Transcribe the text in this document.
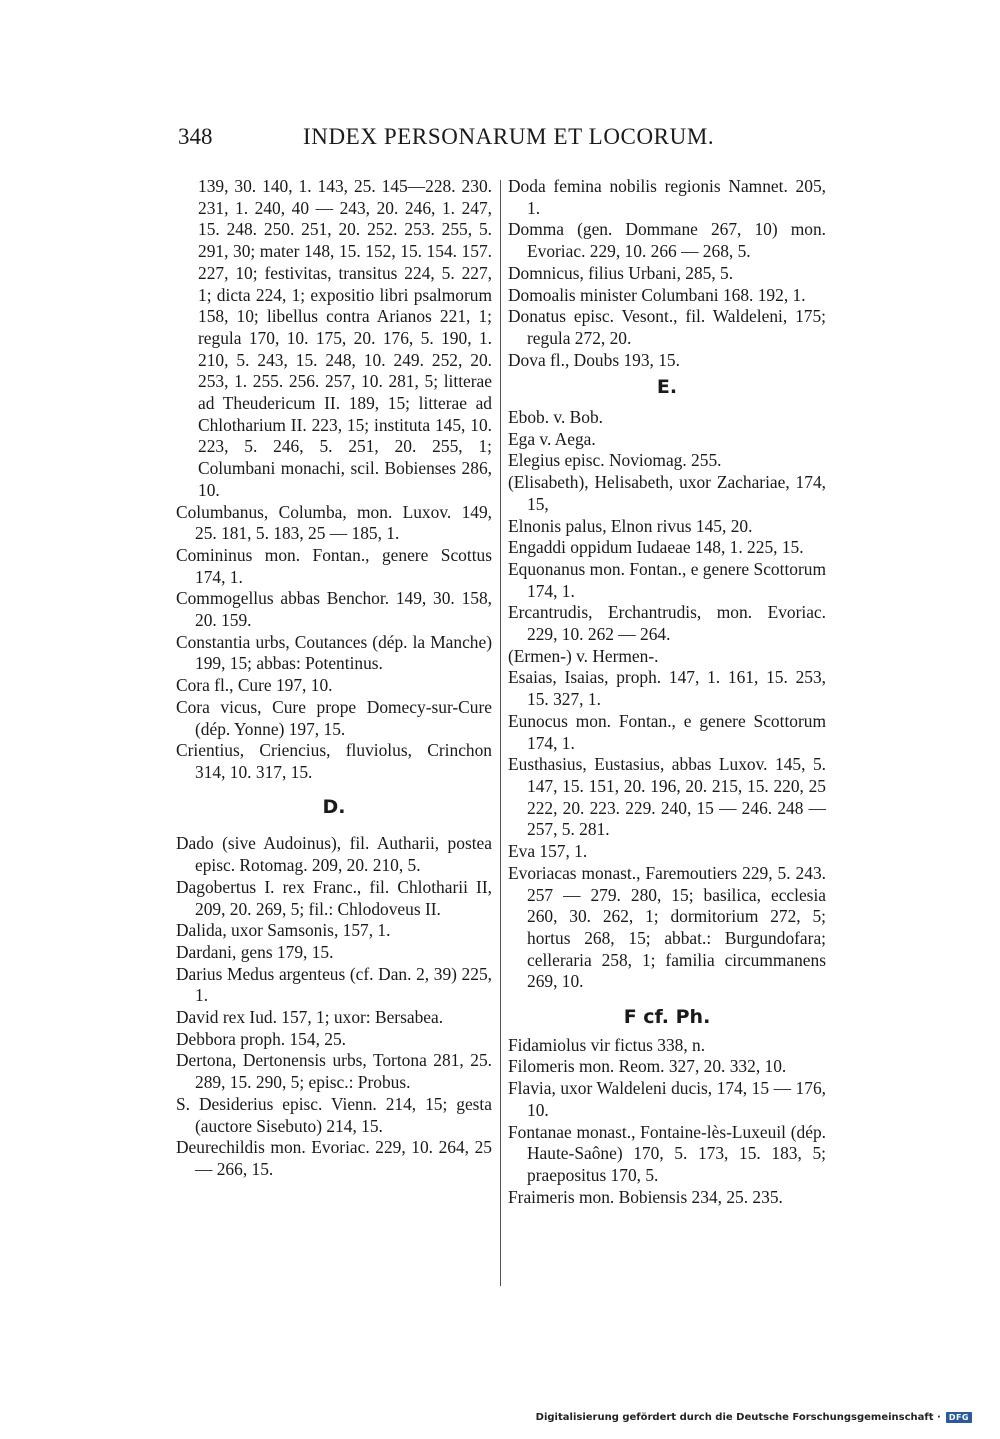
348	INDEX PERSONARUM ET LOCORUM.

139, 30. 140, 1. 143, 25. 145—228. 230. 231, 1. 240, 40 — 243, 20. 246, 1. 247, 15. 248. 250. 251, 20. 252. 253. 255, 5. 291, 30; mater 148, 15. 152, 15. 154. 157. 227, 10; festivitas, transitus 224, 5. 227, 1; dicta 224, 1; expositio libri psalmorum 158, 10; libellus contra Arianos 221, 1; regula 170, 10. 175, 20. 176, 5. 190, 1. 210, 5. 243, 15. 248, 10. 249. 252, 20. 253, 1. 255. 256. 257, 10. 281, 5; litterae ad Theudericum II. 189, 15; litterae ad Chlotharium II. 223, 15; instituta 145, 10. 223, 5. 246, 5. 251, 20. 255, 1; Columbani monachi, scil. Bobienses 286, 10.

Columbanus, Columba, mon. Luxov. 149, 25. 181, 5. 183, 25 — 185, 1.

Comininus mon. Fontan., genere Scottus 174, 1.

Commogellus abbas Benchor. 149, 30. 158, 20. 159.

Constantia urbs, Coutances (dép. la Manche) 199, 15; abbas: Potentinus.

Cora fl., Cure 197, 10.

Cora vicus, Cure prope Domecy-sur-Cure (dép. Yonne) 197, 15.

Crientius, Criencius, fluviolus, Crinchon 314, 10. 317, 15.

D.

Dado (sive Audoinus), fil. Autharii, postea episc. Rotomag. 209, 20. 210, 5.

Dagobertus I. rex Franc., fil. Chlotharii II, 209, 20. 269, 5; fil.: Chlodoveus II.

Dalida, uxor Samsonis, 157, 1.

Dardani, gens 179, 15.

Darius Medus argenteus (cf. Dan. 2, 39) 225, 1.

David rex Iud. 157, 1; uxor: Bersabea.

Debbora proph. 154, 25.

Dertona, Dertonensis urbs, Tortona 281, 25. 289, 15. 290, 5; episc.: Probus.

S. Desiderius episc. Vienn. 214, 15; gesta (auctore Sisebuto) 214, 15.

Deurechildis mon. Evoriac. 229, 10. 264, 25 — 266, 15.

Doda femina nobilis regionis Namnet. 205, 1.

Domma (gen. Dommane 267, 10) mon. Evoriac. 229, 10. 266 — 268, 5.

Domnicus, filius Urbani, 285, 5.

Domoalis minister Columbani 168. 192, 1.

Donatus episc. Vesont., fil. Waldeleni, 175; regula 272, 20.

Dova fl., Doubs 193, 15.

E.

Ebob. v. Bob.

Ega v. Aega.

Elegius episc. Noviomag. 255.

(Elisabeth), Helisabeth, uxor Zachariae, 174, 15,

Elnonis palus, Elnon rivus 145, 20.

Engaddi oppidum Iudaeae 148, 1. 225, 15.

Equonanus mon. Fontan., e genere Scottorum 174, 1.

Ercantrudis, Erchantrudis, mon. Evoriac. 229, 10. 262 — 264.

(Ermen-) v. Hermen-.

Esaias, Isaias, proph. 147, 1. 161, 15. 253, 15. 327, 1.

Eunocus mon. Fontan., e genere Scottorum 174, 1.

Eusthasius, Eustasius, abbas Luxov. 145, 5. 147, 15. 151, 20. 196, 20. 215, 15. 220, 25 222, 20. 223. 229. 240, 15 — 246. 248 — 257, 5. 281.

Eva 157, 1.

Evoriacas monast., Faremoutiers 229, 5. 243. 257 — 279. 280, 15; basilica, ecclesia 260, 30. 262, 1; dormitorium 272, 5; hortus 268, 15; abbat.: Burgundofara; celleraria 258, 1; familia circummanens 269, 10.

F cf. Ph.

Fidamiolus vir fictus 338, n.

Filomeris mon. Reom. 327, 20. 332, 10.

Flavia, uxor Waldeleni ducis, 174, 15 — 176, 10.

Fontanae monast., Fontaine-lès-Luxeuil (dép. Haute-Saône) 170, 5. 173, 15. 183, 5; praepositus 170, 5.

Fraimeris mon. Bobiensis 234, 25. 235.

Digitalisierung gefördert durch die Deutsche Forschungsgemeinschaft ·	DFG
